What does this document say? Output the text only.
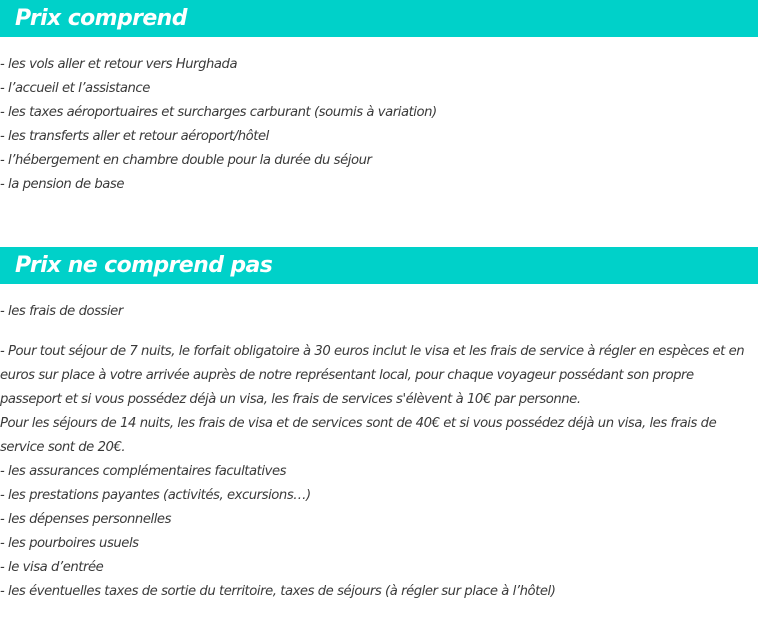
Prix comprend
- les vols aller et retour vers Hurghada
- l’accueil et l’assistance
- les taxes aéroportuaires et surcharges carburant (soumis à variation)
- les transferts aller et retour aéroport/hôtel
- l’hébergement en chambre double pour la durée du séjour
- la pension de base
Prix ne comprend pas
- les frais de dossier

- Pour tout séjour de 7 nuits, le forfait obligatoire à 30 euros inclut le visa et les frais de service à régler en espèces et en
euros sur place à votre arrivée auprès de notre représentant local, pour chaque voyageur possédant son propre
passeport et si vous possédez déjà un visa, les frais de services s'élèvent à 10€ par personne.
Pour les séjours de 14 nuits, les frais de visa et de services sont de 40€ et si vous possédez déjà un visa, les frais de
service sont de 20€.

- les assurances complémentaires facultatives
- les prestations payantes (activités, excursions…)
- les dépenses personnelles
- les pourboires usuels
- le visa d’entrée
- les éventuelles taxes de sortie du territoire, taxes de séjours (à régler sur place à l’hôtel)
